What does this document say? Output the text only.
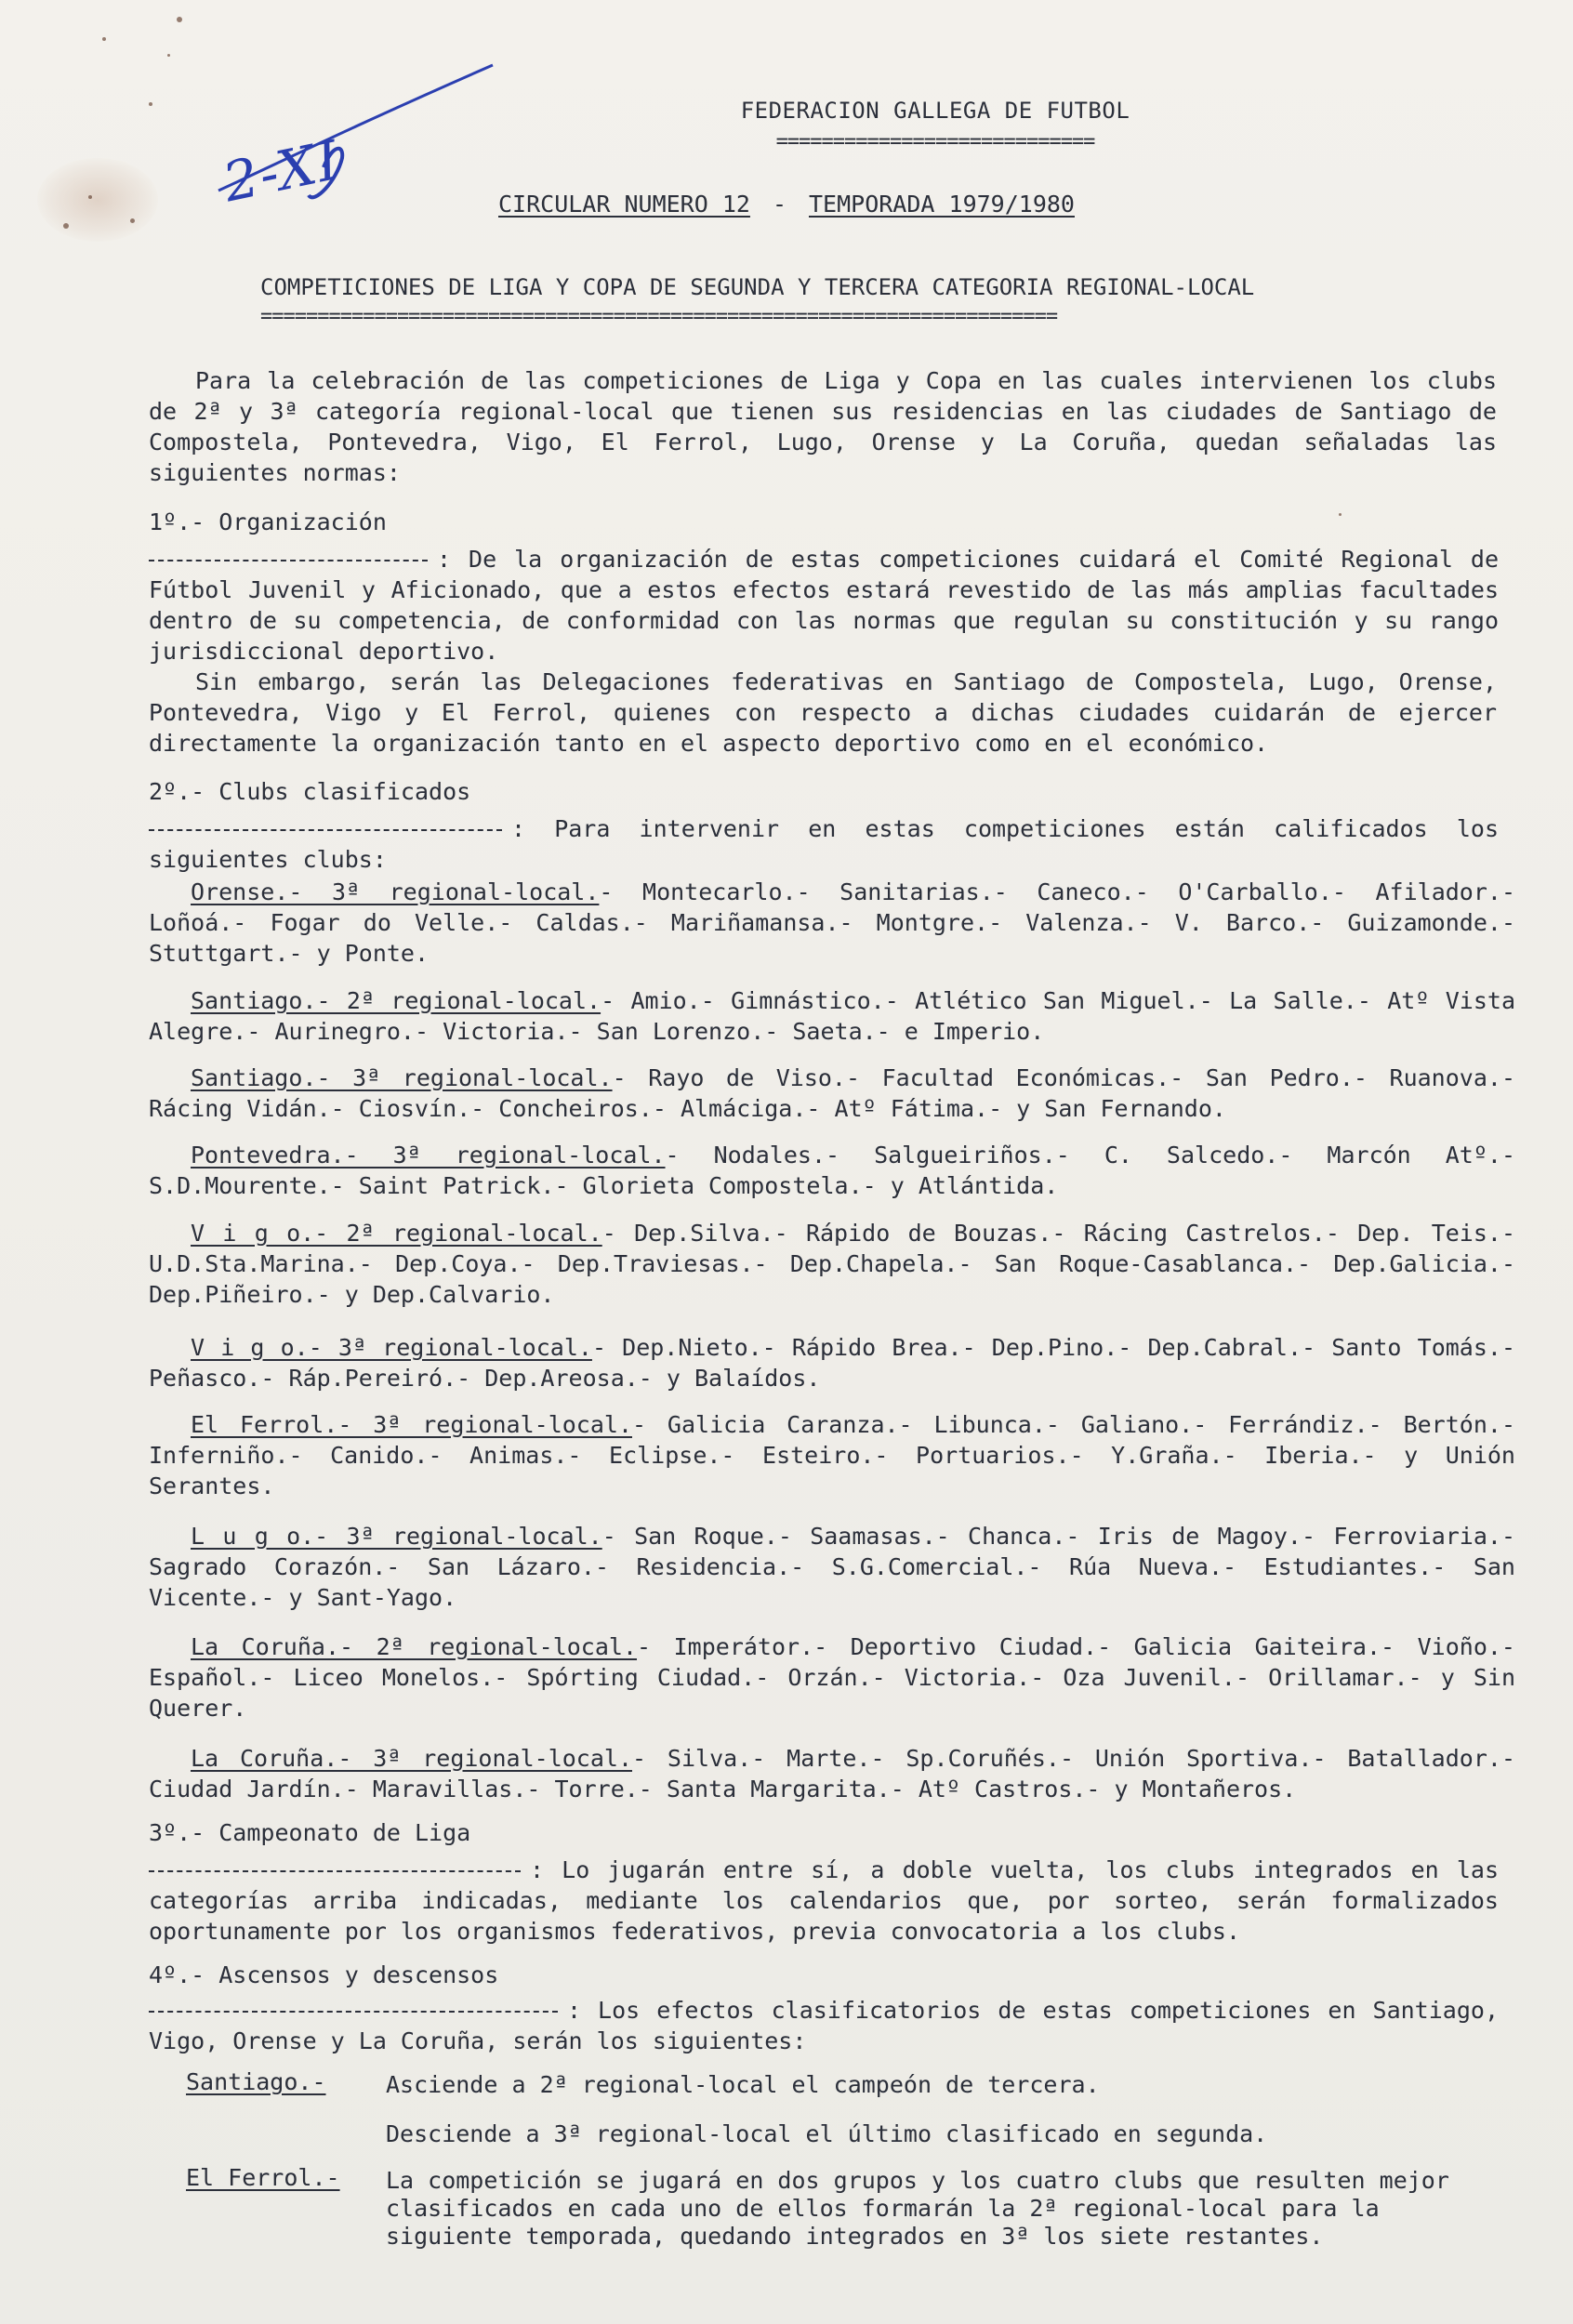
2-XI
FEDERACION GALLEGA DE FUTBOL
============================
CIRCULAR NUMERO 12 - TEMPORADA 1979/1980
COMPETICIONES DE LIGA Y COPA DE SEGUNDA Y TERCERA CATEGORIA REGIONAL-LOCAL
======================================================================

Para la celebración de las competiciones de Liga y Copa en las cuales intervienen los clubs de 2ª y 3ª categoría regional-local que tienen sus residencias en las ciudades de Santiago de Compostela, Pontevedra, Vigo, El Ferrol, Lugo, Orense y La Coruña, quedan señaladas las siguientes normas:

1º.- Organización
: De la organización de estas competiciones cuidará el Comité Regional de Fútbol Juvenil y Aficionado, que a estos efectos estará revestido de las más amplias facultades dentro de su competencia, de conformidad con las normas que regulan su constitución y su rango jurisdiccional deportivo.

Sin embargo, serán las Delegaciones federativas en Santiago de Compostela, Lugo, Orense, Pontevedra, Vigo y El Ferrol, quienes con respecto a dichas ciudades cuidarán de ejercer directamente la organización tanto en el aspecto deportivo como en el económico.

2º.- Clubs clasificados
: Para intervenir en estas competiciones están calificados los siguientes clubs:
Orense.- 3ª regional-local.- Montecarlo.- Sanitarias.- Caneco.- O'Carballo.- Afilador.- Loñoá.- Fogar do Velle.- Caldas.- Mariñamansa.- Montgre.- Valenza.- V. Barco.- Guizamonde.- Stuttgart.- y Ponte.
Santiago.- 2ª regional-local.- Amio.- Gimnástico.- Atlético San Miguel.- La Salle.- Atº Vista Alegre.- Aurinegro.- Victoria.- San Lorenzo.- Saeta.- e Imperio.
Santiago.- 3ª regional-local.- Rayo de Viso.- Facultad Económicas.- San Pedro.- Ruanova.- Rácing Vidán.- Ciosvín.- Concheiros.- Almáciga.- Atº Fátima.- y San Fernando.
Pontevedra.- 3ª regional-local.- Nodales.- Salgueiriños.- C. Salcedo.- Marcón Atº.- S.D.Mourente.- Saint Patrick.- Glorieta Compostela.- y Atlántida.
V i g o.- 2ª regional-local.- Dep.Silva.- Rápido de Bouzas.- Rácing Castrelos.- Dep. Teis.- U.D.Sta.Marina.- Dep.Coya.- Dep.Traviesas.- Dep.Chapela.- San Roque-Casablanca.- Dep.Galicia.- Dep.Piñeiro.- y Dep.Calvario.
V i g o.- 3ª regional-local.- Dep.Nieto.- Rápido Brea.- Dep.Pino.- Dep.Cabral.- Santo Tomás.- Peñasco.- Ráp.Pereiró.- Dep.Areosa.- y Balaídos.
El Ferrol.- 3ª regional-local.- Galicia Caranza.- Libunca.- Galiano.- Ferrándiz.- Bertón.- Inferniño.- Canido.- Animas.- Eclipse.- Esteiro.- Portuarios.- Y.Graña.- Iberia.- y Unión Serantes.
L u g o.- 3ª regional-local.- San Roque.- Saamasas.- Chanca.- Iris de Magoy.- Ferroviaria.- Sagrado Corazón.- San Lázaro.- Residencia.- S.G.Comercial.- Rúa Nueva.- Estudiantes.- San Vicente.- y Sant-Yago.
La Coruña.- 2ª regional-local.- Imperátor.- Deportivo Ciudad.- Galicia Gaiteira.- Vioño.- Español.- Liceo Monelos.- Spórting Ciudad.- Orzán.- Victoria.- Oza Juvenil.- Orillamar.- y Sin Querer.
La Coruña.- 3ª regional-local.- Silva.- Marte.- Sp.Coruñés.- Unión Sportiva.- Batallador.- Ciudad Jardín.- Maravillas.- Torre.- Santa Margarita.- Atº Castros.- y Montañeros.
3º.- Campeonato de Liga
: Lo jugarán entre sí, a doble vuelta, los clubs integrados en las categorías arriba indicadas, mediante los calendarios que, por sorteo, serán formalizados oportunamente por los organismos federativos, previa convocatoria a los clubs.
4º.- Ascensos y descensos
: Los efectos clasificatorios de estas competiciones en Santiago, Vigo, Orense y La Coruña, serán los siguientes:
Santiago.-	Asciende a 2ª regional-local el campeón de tercera.
Desciende a 3ª regional-local el último clasificado en segunda.
El Ferrol.- La competición se jugará en dos grupos y los cuatro clubs que resulten mejor clasificados en cada uno de ellos formarán la 2ª regional-local para la siguiente temporada, quedando integrados en 3ª los siete restantes.
